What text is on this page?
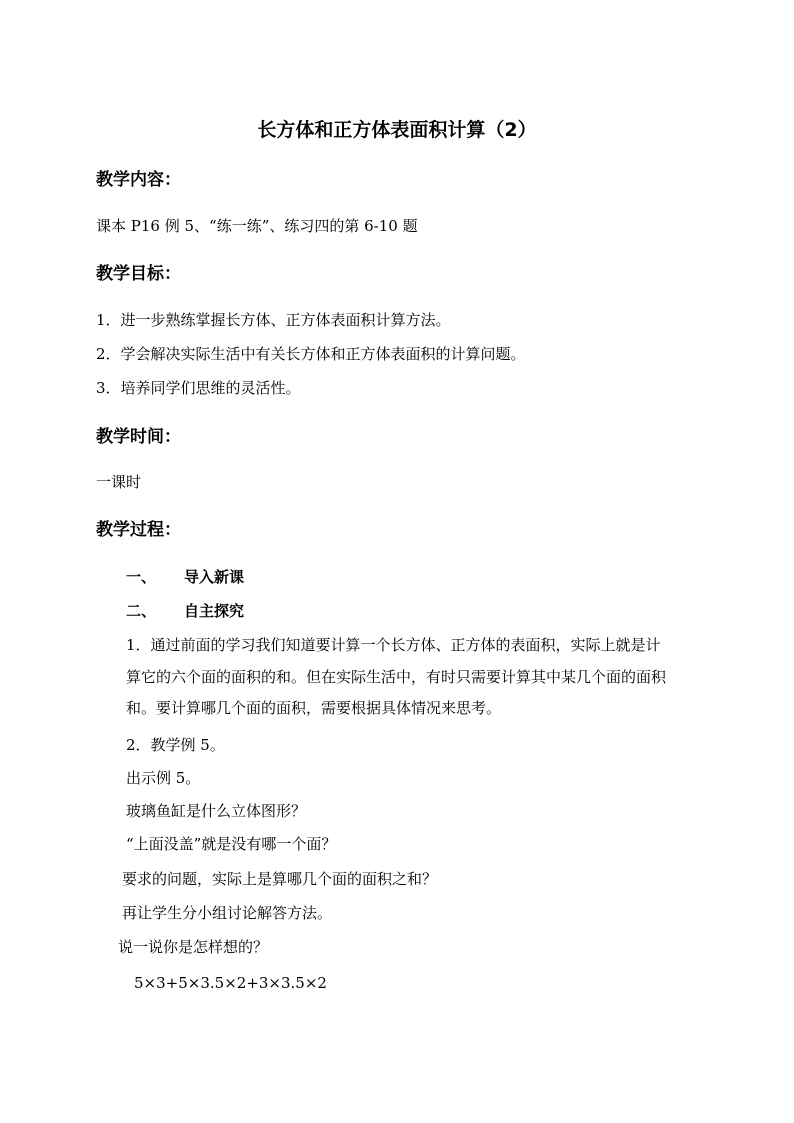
长方体和正方体表面积计算（2）
教学内容：
课本 P16 例 5、“练一练”、练习四的第 6-10 题
教学目标：
1．进一步熟练掌握长方体、正方体表面积计算方法。
2．学会解决实际生活中有关长方体和正方体表面积的计算问题。
3．培养同学们思维的灵活性。
教学时间：
一课时
教学过程：
一、 导入新课
二、 自主探究
1．通过前面的学习我们知道要计算一个长方体、正方体的表面积，实际上就是计
算它的六个面的面积的和。但在实际生活中，有时只需要计算其中某几个面的面积
和。要计算哪几个面的面积，需要根据具体情况来思考。
2．教学例 5。
出示例 5。
玻璃鱼缸是什么立体图形？
“上面没盖”就是没有哪一个面？
要求的问题，实际上是算哪几个面的面积之和？
再让学生分小组讨论解答方法。
说一说你是怎样想的？
5×3+5×3.5×2+3×3.5×2
